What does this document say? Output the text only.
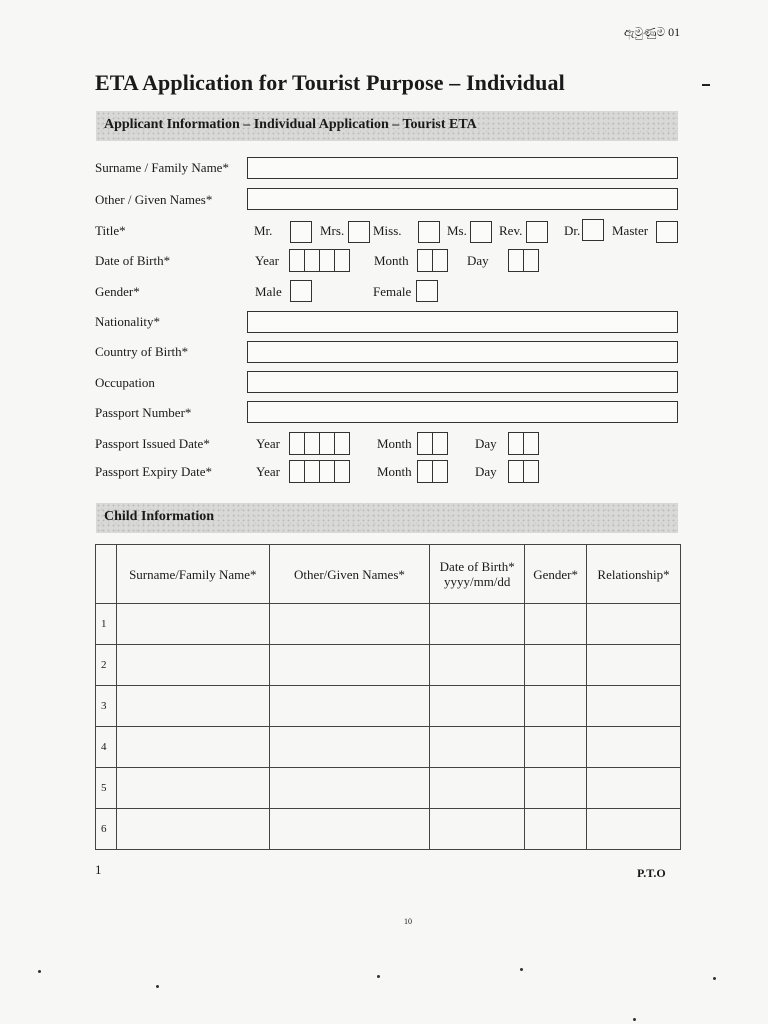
ඇමුණුම 01
ETA Application for Tourist Purpose – Individual
Applicant Information – Individual Application – Tourist ETA
Surname / Family Name*
Other / Given Names*
Title*	Mr.	Mrs. Miss.	Ms. Rev.	Dr. Master
Date of Birth*	Year	Month	Day
Gender*	Male	Female
Nationality*
Country of Birth*
Occupation
Passport Number*
Passport Issued Date*	Year	Month	Day
Passport Expiry Date*	Year	Month	Day
Child Information
	Surname/Family Name*	Other/Given Names*	Date of Birth* yyyy/mm/dd	Gender*	Relationship*
1					
2					
3					
4					
5					
6					
1	P.T.O
10
